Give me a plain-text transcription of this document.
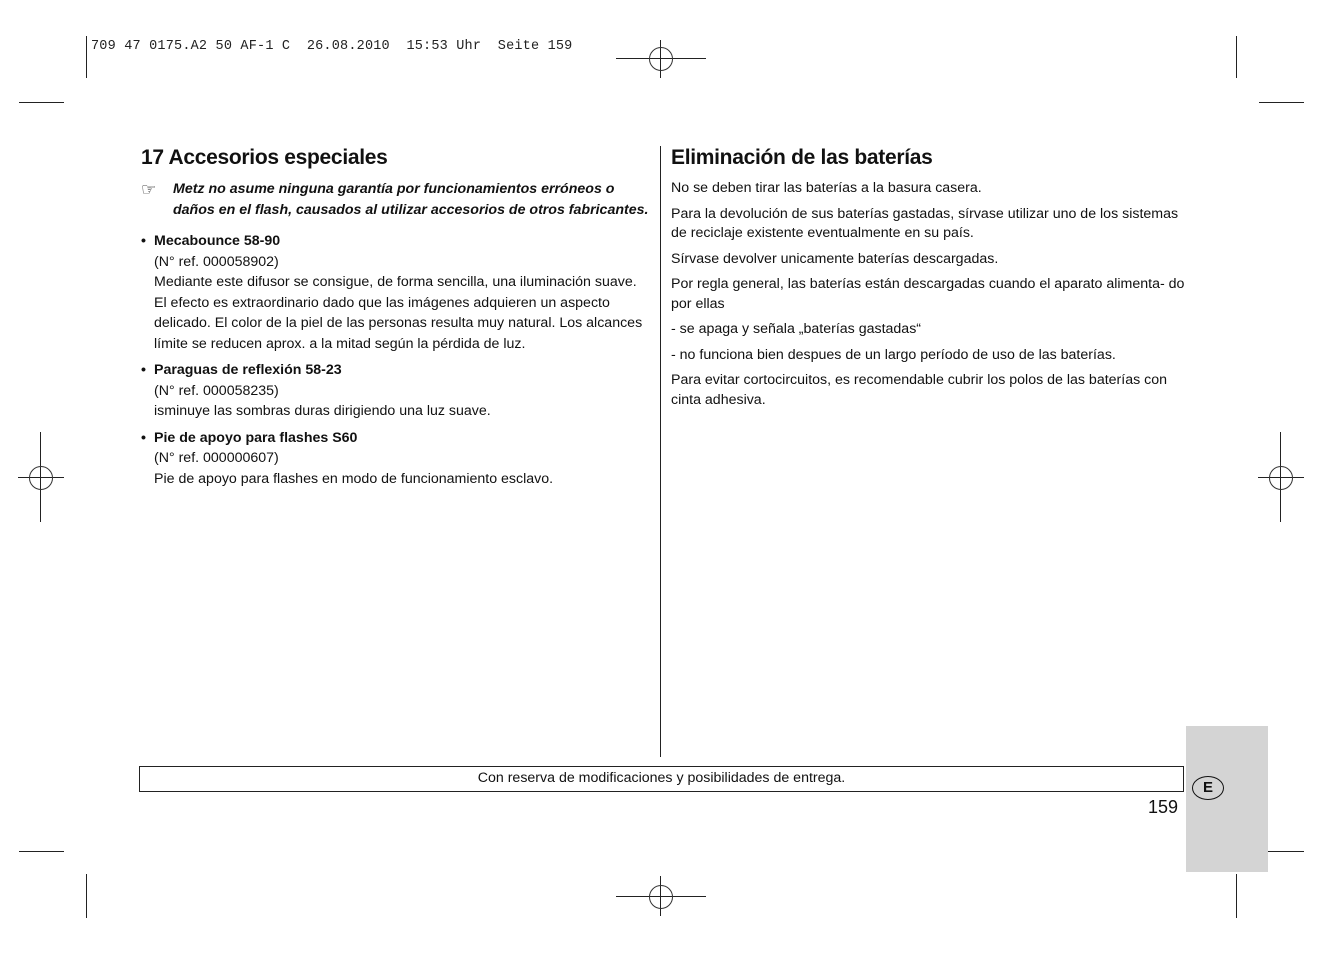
709 47 0175.A2 50 AF-1 C  26.08.2010  15:53 Uhr  Seite 159
17 Accesorios especiales
☞	Metz no asume ninguna garantía por funcionamientos erróneos o daños en el flash, causados al utilizar accesorios de otros fabricantes.
• Mecabounce 58-90
(N° ref. 000058902)
Mediante este difusor se consigue, de forma sencilla, una iluminación suave. El efecto es extraordinario dado que las imágenes adquieren un aspecto delicado. El color de la piel de las personas resulta muy natural. Los alcances límite se reducen aprox. a la mitad según la pérdida de luz.
• Paraguas de reflexión 58-23
(N° ref. 000058235)
isminuye las sombras duras dirigiendo una luz suave.
• Pie de apoyo para flashes S60
(N° ref. 000000607)
Pie de apoyo para flashes en modo de funcionamiento esclavo.
Eliminación de las baterías

No se deben tirar las baterías a la basura casera.

Para la devolución de sus baterías gastadas, sírvase utilizar uno de los sistemas de reciclaje existente eventualmente en su país.

Sírvase devolver unicamente baterías descargadas.

Por regla general, las baterías están descargadas cuando el aparato alimenta- do por ellas

- se apaga y señala „baterías gastadas“

- no funciona bien despues de un largo período de uso de las baterías.

Para evitar cortocircuitos, es recomendable cubrir los polos de las baterías con cinta adhesiva.

E
Con reserva de modificaciones y posibilidades de entrega.
159
